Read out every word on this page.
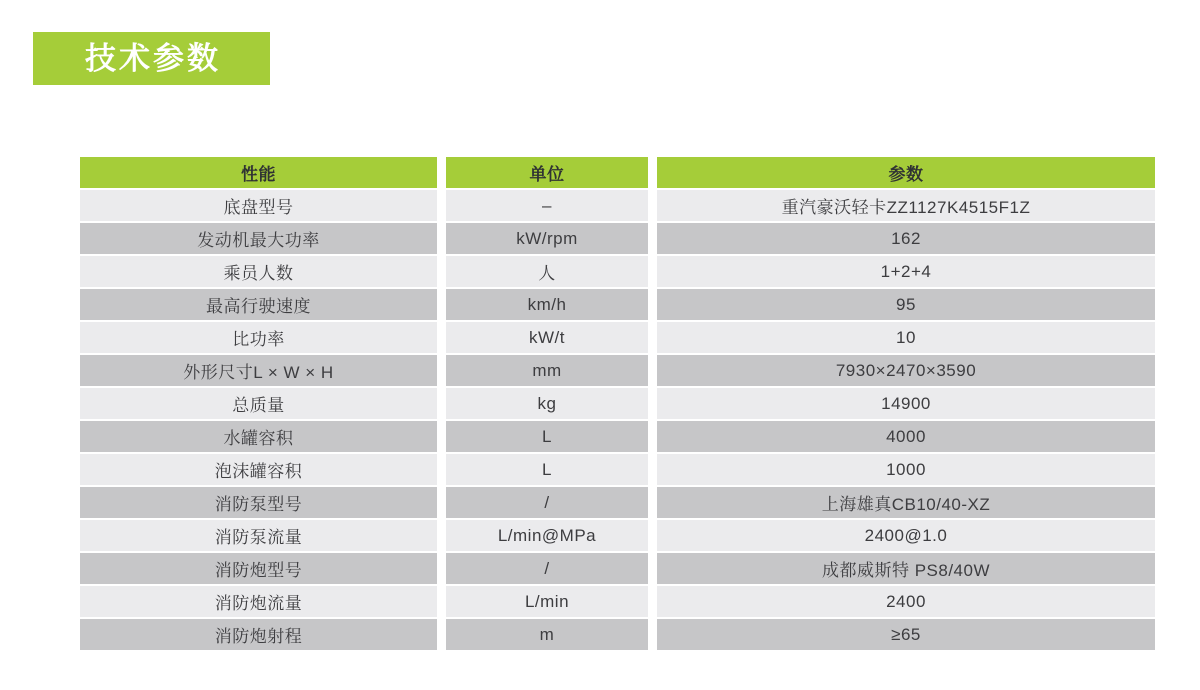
技术参数
性能	单位	参数
底盘型号	–	重汽豪沃轻卡ZZ1127K4515F1Z
发动机最大功率	kW/rpm	162
乘员人数	人	1+2+4
最高行驶速度	km/h	95
比功率	kW/t	10
外形尺寸L × W × H	mm	7930×2470×3590
总质量	kg	14900
水罐容积	L	4000
泡沫罐容积	L	1000
消防泵型号	/	上海雄真CB10/40-XZ
消防泵流量	L/min@MPa	2400@1.0
消防炮型号	/	成都威斯特 PS8/40W
消防炮流量	L/min	2400
消防炮射程	m	≥65
